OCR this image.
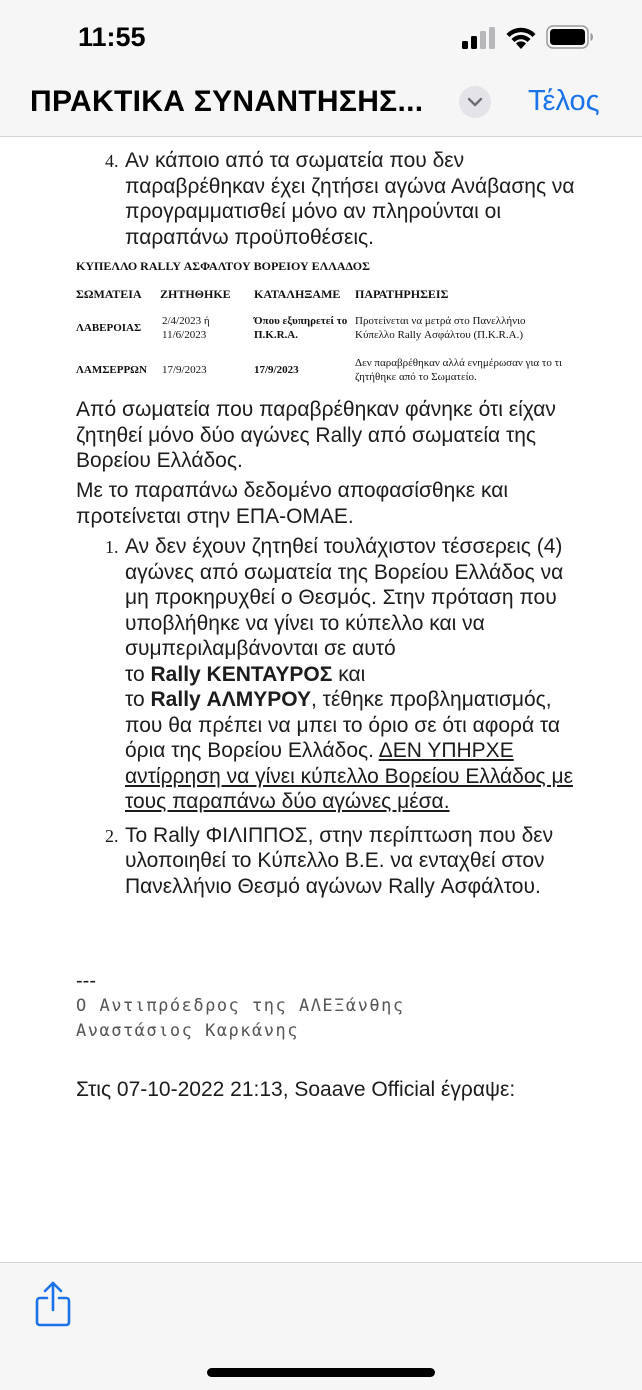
11:55
ΠΡΑΚΤΙΚΑ ΣΥΝΑΝΤΗΣΗΣ...	Τέλος
4. Αν κάποιο από τα σωματεία που δεν παραβρέθηκαν έχει ζητήσει αγώνα Ανάβασης να προγραμματισθεί μόνο αν πληρούνται οι παραπάνω προϋποθέσεις.
ΚΥΠΕΛΛΟ RALLY ΑΣΦΑΛΤΟΥ ΒΟΡΕΙΟΥ ΕΛΛΑΔΟΣ
ΣΩΜΑΤΕΙΑ ΖΗΤΗΘΗΚΕ ΚΑΤΑΛΗΞΑΜΕ ΠΑΡΑΤΗΡΗΣΕΙΣ
ΛΑΒΕΡΟΙΑΣ
2/4/2023 ή 11/6/2023
Όπου εξυπηρετεί το Π.Κ.R.A.
Προτείνεται να μετρά στο Πανελλήνιο Κύπελλο Rally Ασφάλτου (Π.Κ.R.A.)
ΛΑΜΣΕΡΡΩΝ 17/9/2023	17/9/2023
Δεν παραβρέθηκαν αλλά ενημέρωσαν για το τι ζητήθηκε από το Σωματείο.
Από σωματεία που παραβρέθηκαν φάνηκε ότι είχαν ζητηθεί μόνο δύο αγώνες Rally από σωματεία της Βορείου Ελλάδος.
Με το παραπάνω δεδομένο αποφασίσθηκε και προτείνεται στην ΕΠΑ-ΟΜΑΕ.
1. Αν δεν έχουν ζητηθεί τουλάχιστον τέσσερεις (4) αγώνες από σωματεία της Βορείου Ελλάδος να μη προκηρυχθεί ο Θεσμός. Στην πρόταση που υποβλήθηκε να γίνει το κύπελλο και να συμπεριλαμβάνονται σε αυτό
το Rally ΚΕΝΤΑΥΡΟΣ και
το Rally ΑΛΜΥΡΟΥ, τέθηκε προβληματισμός, που θα πρέπει να μπει το όριο σε ότι αφορά τα όρια της Βορείου Ελλάδος. ΔΕΝ ΥΠΗΡΧΕ αντίρρηση να γίνει κύπελλο Βορείου Ελλάδος με τους παραπάνω δύο αγώνες μέσα.
2. Το Rally ΦΙΛΙΠΠΟΣ, στην περίπτωση που δεν υλοποιηθεί το Κύπελλο Β.Ε. να ενταχθεί στον Πανελλήνιο Θεσμό αγώνων Rally Ασφάλτου.
---
Ο Αντιπρόεδρος της ΑΛΕΞάνθης
Αναστάσιος Καρκάνης
Στις 07-10-2022 21:13, Soaave Official έγραψε:
